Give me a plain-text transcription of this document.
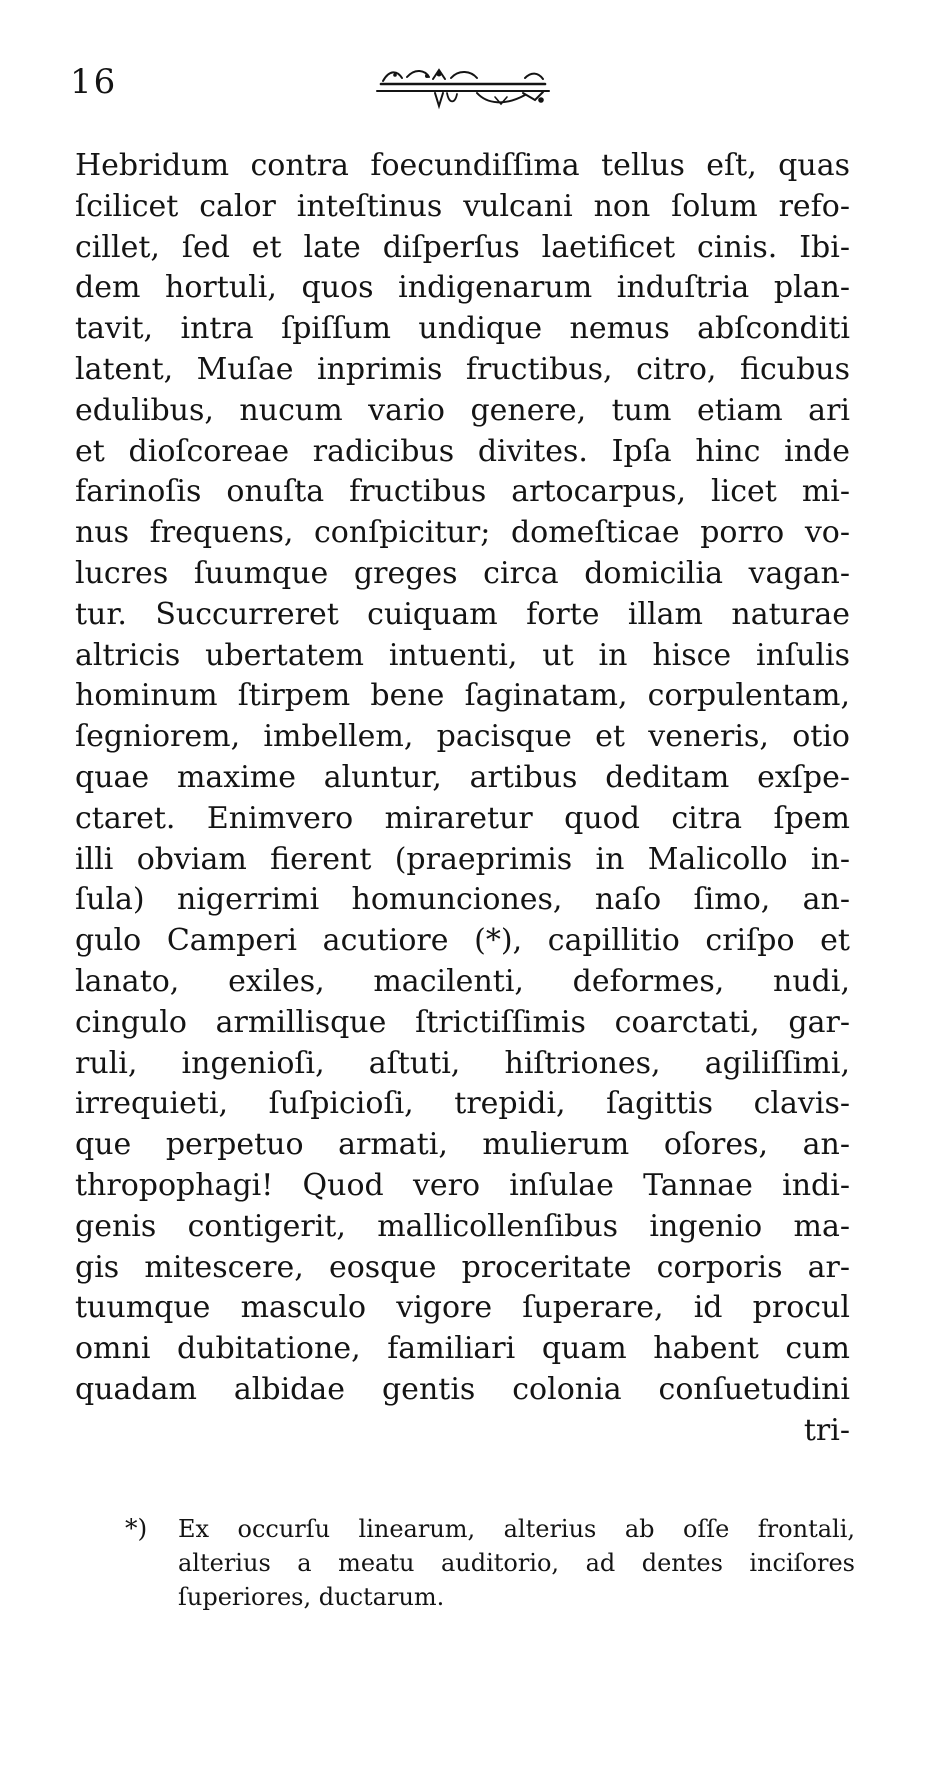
16
Hebridum contra foecundiſſima tellus eſt, quas
ſcilicet calor inteſtinus vulcani non ſolum refo-
cillet, ſed et late diſperſus laetificet cinis. Ibi-
dem hortuli, quos indigenarum induſtria plan-
tavit, intra ſpiſſum undique nemus abſconditi
latent, Muſae inprimis fructibus, citro, ficubus
edulibus, nucum vario genere, tum etiam ari
et dioſcoreae radicibus divites. Ipſa hinc inde
farinoſis onuſta fructibus artocarpus, licet mi-
nus frequens, conſpicitur; domeſticae porro vo-
lucres ſuumque greges circa domicilia vagan-
tur. Succurreret cuiquam forte illam naturae
altricis ubertatem intuenti, ut in hisce inſulis
hominum ſtirpem bene ſaginatam, corpulentam,
ſegniorem, imbellem, pacisque et veneris, otio
quae maxime aluntur, artibus deditam exſpe-
ctaret. Enimvero miraretur quod citra ſpem
illi obviam fierent (praeprimis in Malicollo in-
ſula) nigerrimi homunciones, naſo ſimo, an-
gulo Camperi acutiore (*), capillitio criſpo et
lanato, exiles, macilenti, deformes, nudi,
cingulo armillisque ſtrictiſſimis coarctati, gar-
ruli, ingenioſi, aſtuti, hiſtriones, agiliſſimi,
irrequieti, ſuſpicioſi, trepidi, ſagittis clavis-
que perpetuo armati, mulierum oſores, an-
thropophagi! Quod vero inſulae Tannae indi-
genis contigerit, mallicollenſibus ingenio ma-
gis mitescere, eosque proceritate corporis ar-
tuumque masculo vigore ſuperare, id procul
omni dubitatione, familiari quam habent cum
quadam albidae gentis colonia conſuetudini
tri-
*) Ex occurſu linearum, alterius ab oſſe frontali,
alterius a meatu auditorio, ad dentes inciſores
ſuperiores, ductarum.
